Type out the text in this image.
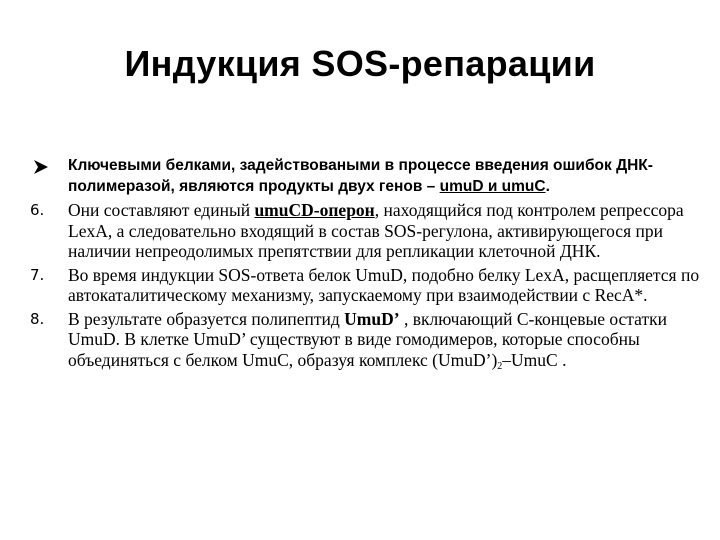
Индукция SOS-репарации
Ключевыми белками, задействоваными в процессе введения ошибок ДНК-полимеразой, являются продукты двух генов – umuD и umuC.
6.	Они составляют единый umuCD-оперон, находящийся под контролем репрессора LexA, а следовательно входящий в состав SOS-регулона, активирующегося при наличии непреодолимых препятствии для репликации клеточной ДНК.
7.	Во время индукции SOS-ответа белок UmuD, подобно белку LexA, расщепляется по автокаталитическому механизму, запускаемому при взаимодействии с RecA*.
8.	В результате образуется полипептид UmuD’ , включающий С-концевые остатки UmuD. В клетке UmuD’ существуют в виде гомодимеров, которые способны объединяться с белком UmuC, образуя комплекс $(UmuD’)_2$–UmuC .
